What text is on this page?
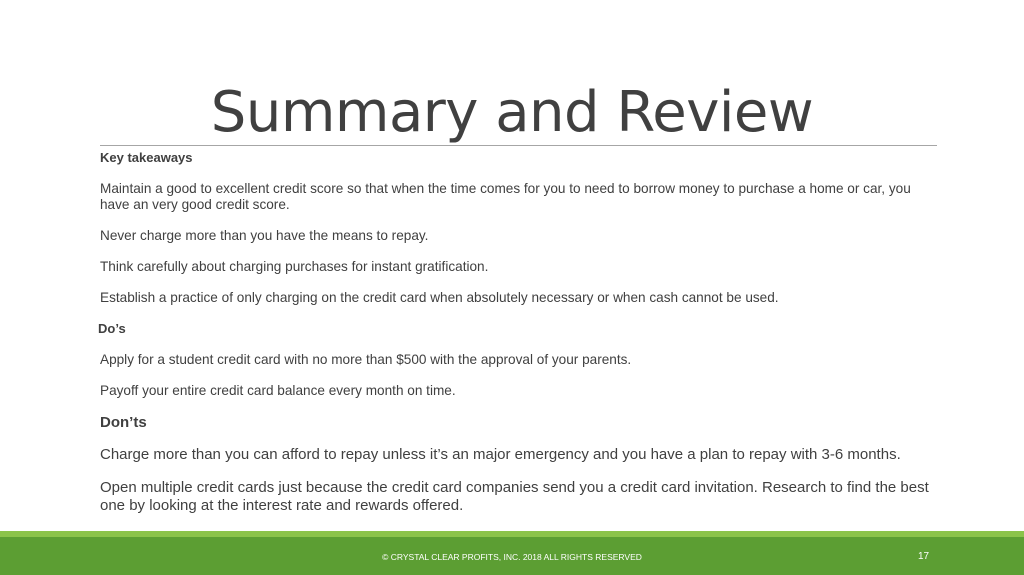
Summary and Review
Key takeaways
Maintain a good to excellent credit score so that when the time comes for you to need to borrow money to purchase a home or car, you have an very good credit score.
Never charge more than you have the means to repay.
Think carefully about charging purchases for instant gratification.
Establish a practice of only charging on the credit card when absolutely necessary or when cash cannot be used.
Do’s
Apply for a student credit card with no more than $500 with the approval of your parents.
Payoff your entire credit card balance every month on time.
Don’ts
Charge more than you can afford to repay unless it’s an major emergency and you have a plan to repay with 3-6 months.
Open multiple credit cards just because the credit card companies send you a credit card invitation. Research to find the best one by looking at the interest rate and rewards offered.
© CRYSTAL CLEAR PROFITS, INC. 2018 ALL RIGHTS RESERVED	17
